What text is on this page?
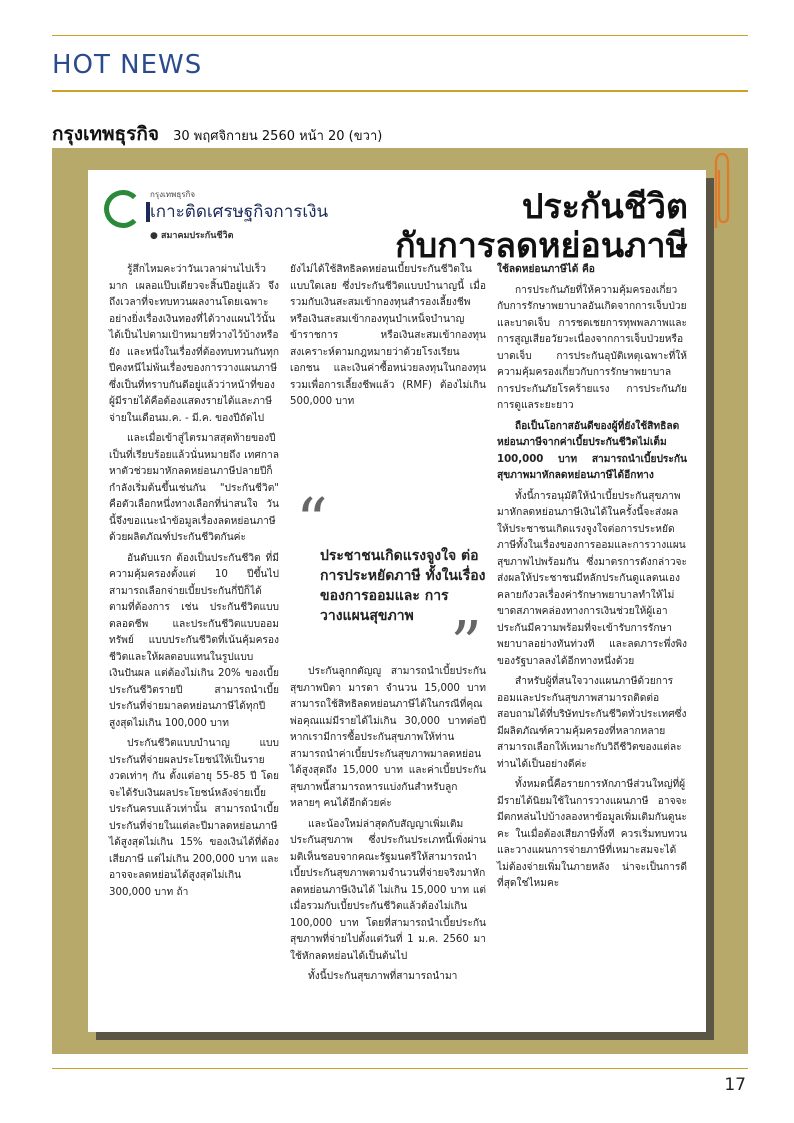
HOT NEWS
กรุงเทพธุรกิจ 30 พฤศจิกายน 2560 หน้า 20 (ขวา)
กรุงเทพธุรกิจ
เกาะติดเศรษฐกิจการเงิน
● สมาคมประกันชีวิต
ประกันชีวิต
กับการลดหย่อนภาษี

รู้สึกไหมคะว่าวันเวลาผ่านไปเร็วมาก เผลอแป๊บเดียวจะสิ้นปีอยู่แล้ว จึงถึงเวลาที่จะทบทวนผลงานโดยเฉพาะอย่างยิ่งเรื่องเงินทองที่ได้วางแผนไว้นั้นได้เป็นไปตามเป้าหมายที่วางไว้บ้างหรือยัง และหนึ่งในเรื่องที่ต้องทบทวนกันทุกปีคงหนีไม่พ้นเรื่องของการวางแผนภาษี ซึ่งเป็นที่ทราบกันดีอยู่แล้วว่าหน้าที่ของผู้มีรายได้คือต้องแสดงรายได้และภาษีจ่ายในเดือนม.ค. - มี.ค. ของปีถัดไป

และเมื่อเข้าสู่ไตรมาสสุดท้ายของปีเป็นที่เรียบร้อยแล้วนั่นหมายถึง เทศกาลหาตัวช่วยมาหักลดหย่อนภาษีปลายปีก็กำลังเริ่มต้นขึ้นเช่นกัน "ประกันชีวิต" คือตัวเลือกหนึ่งทางเลือกที่น่าสนใจ วันนี้จึงขอแนะนำข้อมูลเรื่องลดหย่อนภาษีด้วยผลิตภัณฑ์ประกันชีวิตกันค่ะ

อันดับแรก ต้องเป็นประกันชีวิต ที่มีความคุ้มครองตั้งแต่ 10 ปีขึ้นไป สามารถเลือกจ่ายเบี้ยประกันกี่ปีก็ได้ตามที่ต้องการ เช่น ประกันชีวิตแบบตลอดชีพ และประกันชีวิตแบบออมทรัพย์ แบบประกันชีวิตที่เน้นคุ้มครองชีวิตและให้ผลตอบแทนในรูปแบบเงินปันผล แต่ต้องไม่เกิน 20% ของเบี้ยประกันชีวิตรายปี สามารถนำเบี้ยประกันที่จ่ายมาลดหย่อนภาษีได้ทุกปี สูงสุดไม่เกิน 100,000 บาท

ประกันชีวิตแบบบำนาญ แบบประกันที่จ่ายผลประโยชน์ให้เป็นรายงวดเท่าๆ กัน ตั้งแต่อายุ 55-85 ปี โดยจะได้รับเงินผลประโยชน์หลังจ่ายเบี้ยประกันครบแล้วเท่านั้น สามารถนำเบี้ยประกันที่จ่ายในแต่ละปีมาลดหย่อนภาษีได้สูงสุดไม่เกิน 15% ของเงินได้ที่ต้องเสียภาษี แต่ไม่เกิน 200,000 บาท และอาจจะลดหย่อนได้สูงสุดไม่เกิน 300,000 บาท ถ้า

ยังไม่ได้ใช้สิทธิลดหย่อนเบี้ยประกันชีวิตในแบบใดเลย ซึ่งประกันชีวิตแบบบำนาญนี้ เมื่อรวมกับเงินสะสมเข้ากองทุนสำรองเลี้ยงชีพ หรือเงินสะสมเข้ากองทุนบำเหน็จบำนาญข้าราชการ หรือเงินสะสมเข้ากองทุนสงเคราะห์ตามกฎหมายว่าด้วยโรงเรียนเอกชน และเงินค่าซื้อหน่วยลงทุนในกองทุนรวมเพื่อการเลี้ยงชีพแล้ว (RMF) ต้องไม่เกิน 500,000 บาท

“
ประชาชนเกิดแรงจูงใจ ต่อการประหยัดภาษี ทั้งในเรื่องของการออมและ การวางแผนสุขภาพ ”

ประกันลูกกตัญญู สามารถนำเบี้ยประกันสุขภาพบิดา มารดา จำนวน 15,000 บาท สามารถใช้สิทธิลดหย่อนภาษีได้ในกรณีที่คุณพ่อคุณแม่มีรายได้ไม่เกิน 30,000 บาทต่อปี หากเรามีการซื้อประกันสุขภาพให้ท่าน สามารถนำค่าเบี้ยประกันสุขภาพมาลดหย่อนได้สูงสุดถึง 15,000 บาท และค่าเบี้ยประกันสุขภาพนี้สามารถหารแบ่งกันสำหรับลูกหลายๆ คนได้อีกด้วยค่ะ

และน้องใหม่ล่าสุดกับสัญญาเพิ่มเติมประกันสุขภาพ ซึ่งประกันประเภทนี้เพิ่งผ่านมติเห็นชอบจากคณะรัฐมนตรีให้สามารถนำเบี้ยประกันสุขภาพตามจำนวนที่จ่ายจริงมาหักลดหย่อนภาษีเงินได้ ไม่เกิน 15,000 บาท แต่เมื่อรวมกับเบี้ยประกันชีวิตแล้วต้องไม่เกิน 100,000 บาท โดยที่สามารถนำเบี้ยประกันสุขภาพที่จ่ายไปตั้งแต่วันที่ 1 ม.ค. 2560 มาใช้หักลดหย่อนได้เป็นต้นไป

ทั้งนี้ประกันสุขภาพที่สามารถนำมา

ใช้ลดหย่อนภาษีได้ คือ

การประกันภัยที่ให้ความคุ้มครองเกี่ยวกับการรักษาพยาบาลอันเกิดจากการเจ็บป่วยและบาดเจ็บ การชดเชยการทุพพลภาพและการสูญเสียอวัยวะเนื่องจากการเจ็บป่วยหรือบาดเจ็บ การประกันอุบัติเหตุเฉพาะที่ให้ความคุ้มครองเกี่ยวกับการรักษาพยาบาล การประกันภัยโรคร้ายแรง การประกันภัยการดูแลระยะยาว

ถือเป็นโอกาสอันดีของผู้ที่ยังใช้สิทธิลดหย่อนภาษีจากค่าเบี้ยประกันชีวิตไม่เต็ม 100,000 บาท สามารถนำเบี้ยประกันสุขภาพมาหักลดหย่อนภาษีได้อีกทาง

ทั้งนี้การอนุมัติให้นำเบี้ยประกันสุขภาพมาหักลดหย่อนภาษีเงินได้ในครั้งนี้จะส่งผลให้ประชาชนเกิดแรงจูงใจต่อการประหยัดภาษีทั้งในเรื่องของการออมและการวางแผนสุขภาพไปพร้อมกัน ซึ่งมาตรการดังกล่าวจะส่งผลให้ประชาชนมีหลักประกันดูแลตนเอง คลายกังวลเรื่องค่ารักษาพยาบาลทำให้ไม่ขาดสภาพคล่องทางการเงินช่วยให้ผู้เอาประกันมีความพร้อมที่จะเข้ารับการรักษาพยาบาลอย่างทันท่วงที และลดภาระพึ่งพิงของรัฐบาลลงได้อีกทางหนึ่งด้วย

สำหรับผู้ที่สนใจวางแผนภาษีด้วยการออมและประกันสุขภาพสามารถติดต่อสอบถามได้ที่บริษัทประกันชีวิตทั่วประเทศซึ่งมีผลิตภัณฑ์ความคุ้มครองที่หลากหลายสามารถเลือกให้เหมาะกับวิถีชีวิตของแต่ละท่านได้เป็นอย่างดีค่ะ

ทั้งหมดนี้คือรายการหักภาษีส่วนใหญ่ที่ผู้มีรายได้นิยมใช้ในการวางแผนภาษี อาจจะมีตกหล่นไปบ้างลองหาข้อมูลเพิ่มเติมกันดูนะคะ ในเมื่อต้องเสียภาษีทั้งที ควรเริ่มทบทวนและวางแผนการจ่ายภาษีที่เหมาะสมจะได้ไม่ต้องจ่ายเพิ่มในภายหลัง น่าจะเป็นการดีที่สุดใช่ไหมคะ

17
